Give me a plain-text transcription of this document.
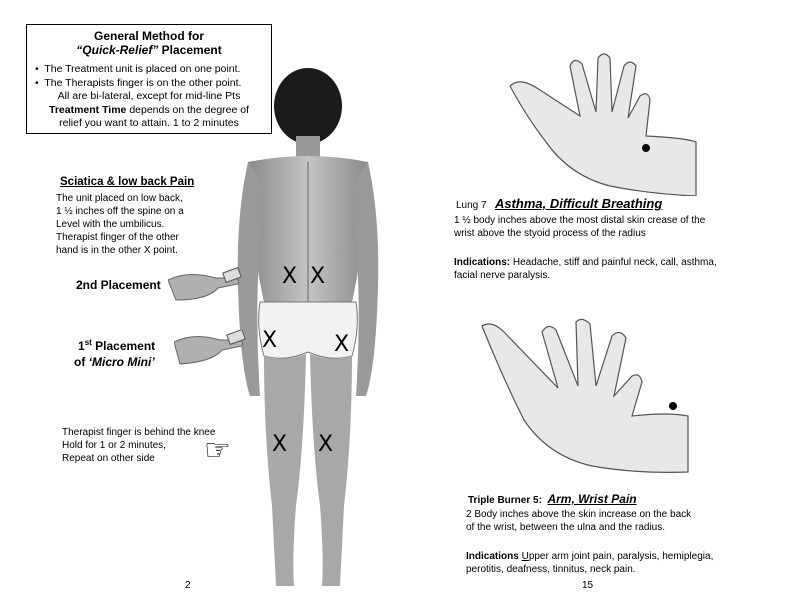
General Method for
“Quick-Relief” Placement
•  The Treatment unit is placed on one point.
•  The Therapists finger is on the other point.
All are bi-lateral, except for mid-line Pts
Treatment Time depends on the degree of
relief you want to attain. 1 to 2 minutes
Sciatica & low back Pain
The unit placed on low back,
1 ½ inches off the spine on a
Level with the umbilicus.
Therapist finger of the other
hand is in the other X point.
2nd Placement
1st Placement
of ‘Micro Mini’
Therapist finger is behind the knee
Hold for 1 or 2 minutes,
Repeat on other side	☞
X X
X	X
X X
2
Lung 7 Asthma, Difficult Breathing
1 ½ body inches above the most distal skin crease of the
wrist above the styoid process of the radius
Indications: Headache, stiff and painful neck, call, asthma,
facial nerve paralysis.
Triple Burner 5: Arm, Wrist Pain
2 Body inches above the skin increase on the back
of the wrist, between the ulna and the radius.
Indications Upper arm joint pain, paralysis, hemiplegia,
perotitis, deafness, tinnitus, neck pain.
15
